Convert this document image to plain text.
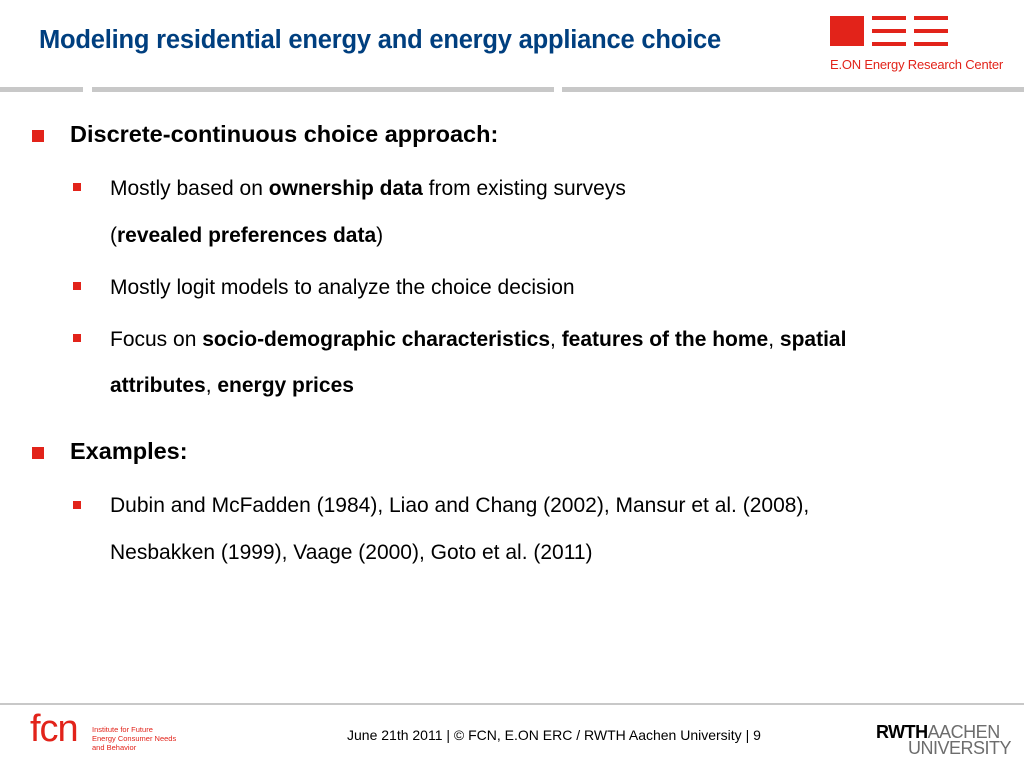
Modeling residential energy and energy appliance choice
E.ON Energy Research Center
Discrete-continuous choice approach:
Mostly based on ownership data from existing surveys
(revealed preferences data)
Mostly logit models to analyze the choice decision
Focus on socio-demographic characteristics, features of the home, spatial
attributes, energy prices
Examples:
Dubin and McFadden (1984), Liao and Chang (2002), Mansur et al. (2008),
Nesbakken (1999), Vaage (2000), Goto et al. (2011)
fcn Institute for Future
Energy Consumer Needs
and Behavior
June 21th 2011 | © FCN, E.ON ERC / RWTH Aachen University | 9	RWTHAACHEN
UNIVERSITY
